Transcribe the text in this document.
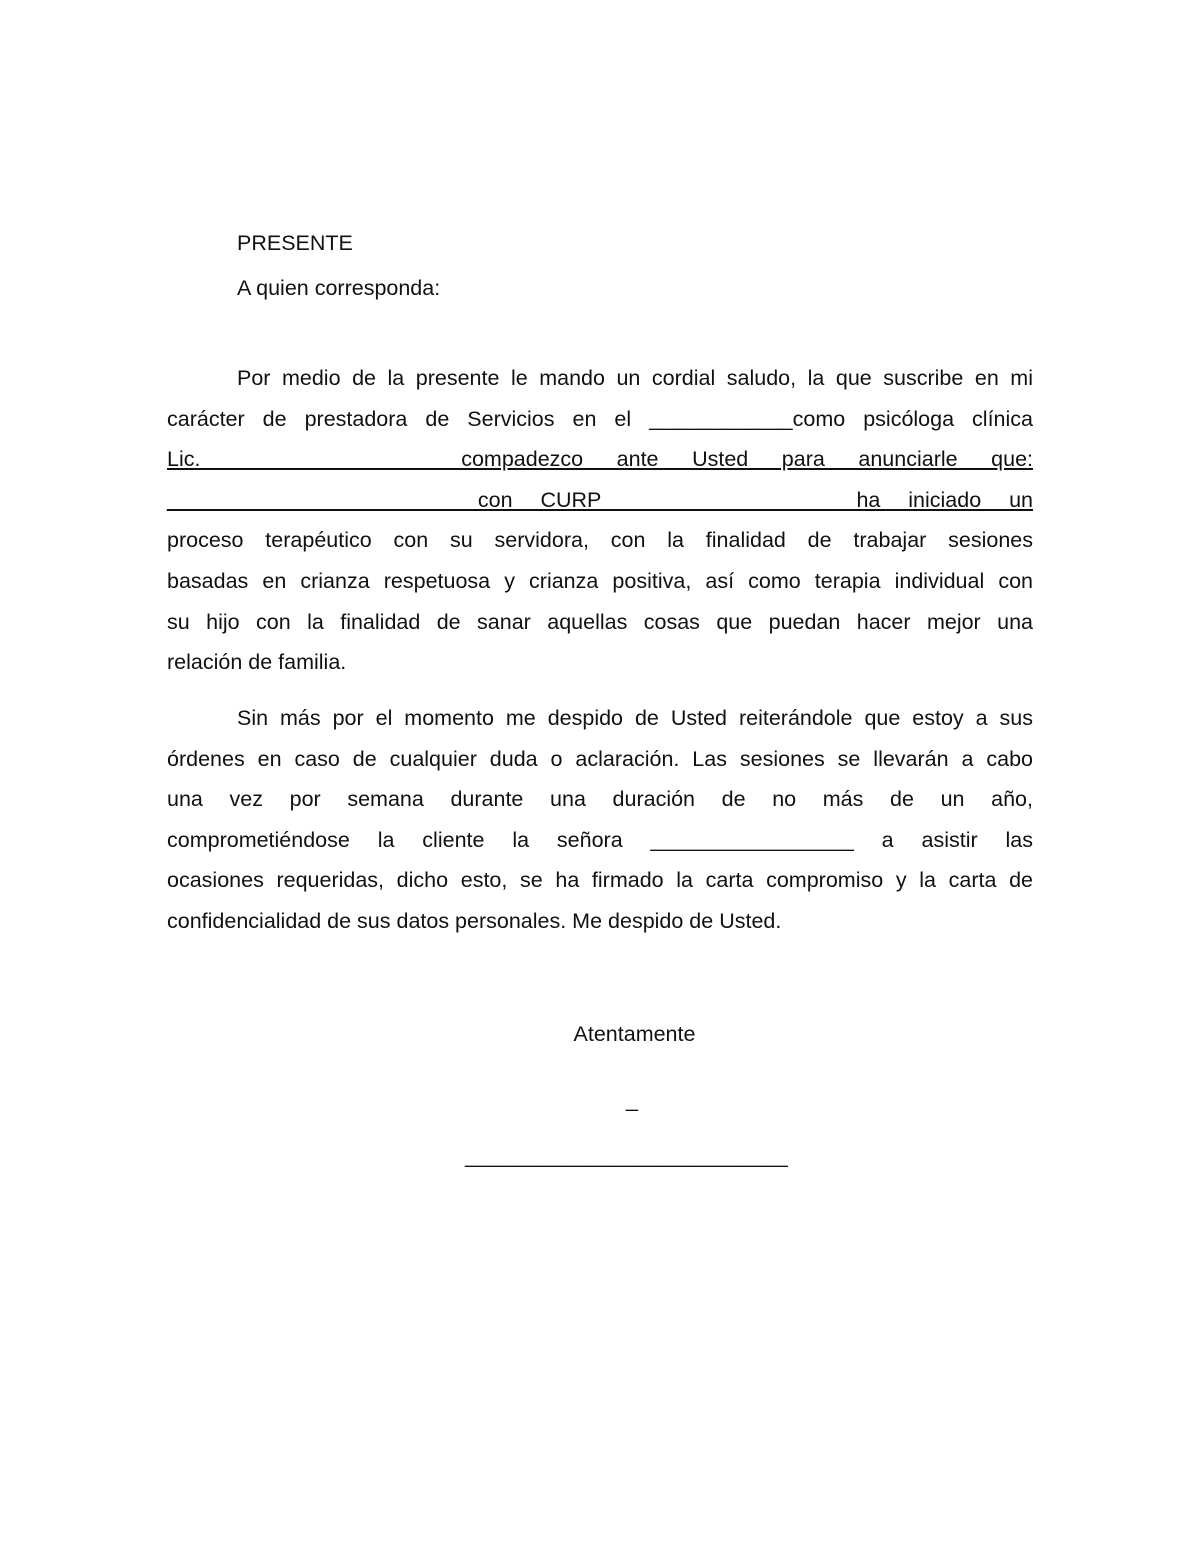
PRESENTE
A quien corresponda:
Por medio de la presente le mando un cordial saludo, la que suscribe en mi
carácter de prestadora de Servicios en el ____________como psicóloga clínica
Lic. ___________________compadezco ante Usted para anunciarle que:
__________________________con CURP___________________ ha iniciado un
proceso terapéutico con su servidora, con la finalidad de trabajar sesiones
basadas en crianza respetuosa y crianza positiva, así como terapia individual con
su hijo con la finalidad de sanar aquellas cosas que puedan hacer mejor una
relación de familia.
Sin más por el momento me despido de Usted reiterándole que estoy a sus
órdenes en caso de cualquier duda o aclaración. Las sesiones se llevarán a cabo
una vez por semana durante una duración de no más de un año,
comprometiéndose la cliente la señora _________________ a asistir las
ocasiones requeridas, dicho esto, se ha firmado la carta compromiso y la carta de
confidencialidad de sus datos personales. Me despido de Usted.
Atentamente
_
___________________________
